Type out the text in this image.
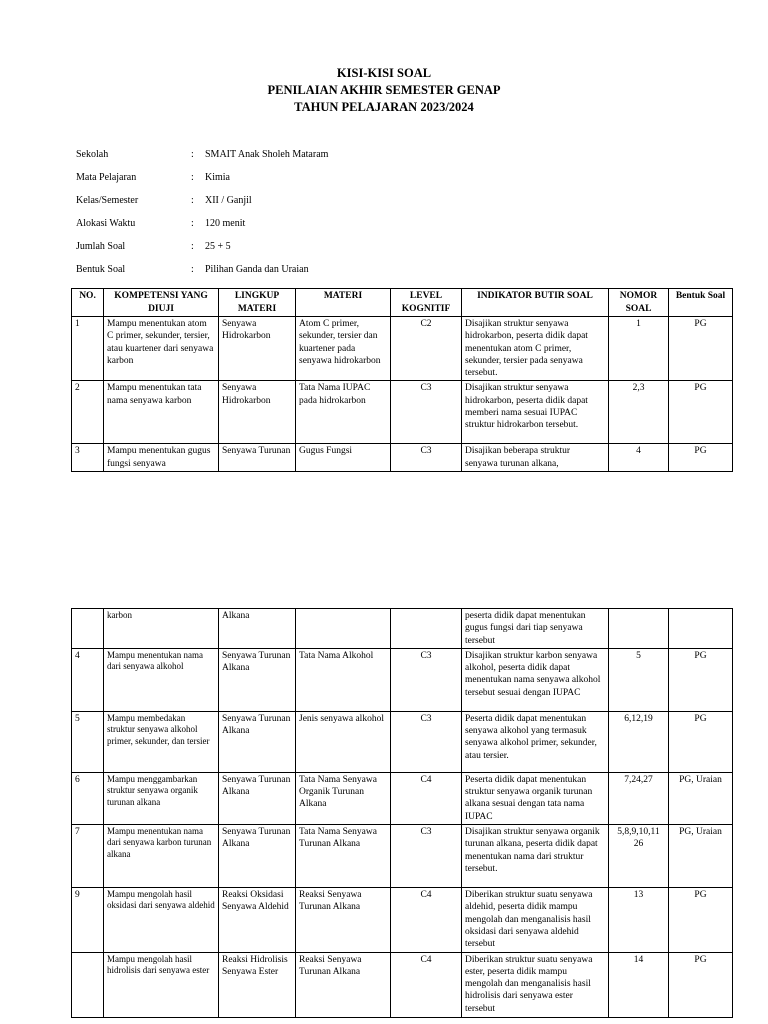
KISI-KISI SOAL
PENILAIAN AKHIR SEMESTER GENAP
TAHUN PELAJARAN 2023/2024
Sekolah	: SMAIT Anak Sholeh Mataram
Mata Pelajaran	: Kimia
Kelas/Semester	: XII / Ganjil
Alokasi Waktu	: 120 menit
Jumlah Soal	: 25 + 5
Bentuk Soal	: Pilihan Ganda dan Uraian
NO.	KOMPETENSI YANG DIUJI	LINGKUP MATERI	MATERI	LEVEL KOGNITIF	INDIKATOR BUTIR SOAL	NOMOR SOAL	Bentuk Soal
1	Mampu menentukan atom C primer, sekunder, tersier, atau kuartener dari senyawa karbon	Senyawa Hidrokarbon	Atom C primer, sekunder, tersier dan kuartener pada senyawa hidrokarbon	C2	Disajikan struktur senyawa hidrokarbon, peserta didik dapat menentukan atom C primer, sekunder, tersier pada senyawa tersebut.	1	PG
2	Mampu menentukan tata nama senyawa karbon	Senyawa Hidrokarbon	Tata Nama IUPAC pada hidrokarbon	C3	Disajikan struktur senyawa hidrokarbon, peserta didik dapat memberi nama sesuai IUPAC struktur hidrokarbon tersebut.	2,3	PG
3	Mampu menentukan gugus fungsi senyawa	Senyawa Turunan	Gugus Fungsi	C3	Disajikan beberapa struktur senyawa turunan alkana,	4	PG
	karbon	Alkana			peserta didik dapat menentukan gugus fungsi dari tiap senyawa tersebut		
4	Mampu menentukan nama dari senyawa alkohol	Senyawa Turunan Alkana	Tata Nama Alkohol	C3	Disajikan struktur karbon senyawa alkohol, peserta didik dapat menentukan nama senyawa alkohol tersebut sesuai dengan IUPAC	5	PG
5	Mampu membedakan struktur senyawa alkohol primer, sekunder, dan tersier	Senyawa Turunan Alkana	Jenis senyawa alkohol	C3	Peserta didik dapat menentukan senyawa alkohol yang termasuk senyawa alkohol primer, sekunder, atau tersier.	6,12,19	PG
6	Mampu menggambarkan struktur senyawa organik turunan alkana	Senyawa Turunan Alkana	Tata Nama Senyawa Organik Turunan Alkana	C4	Peserta didik dapat menentukan struktur senyawa organik turunan alkana sesuai dengan tata nama IUPAC	7,24,27	PG, Uraian
7	Mampu menentukan nama dari senyawa karbon turunan alkana	Senyawa Turunan Alkana	Tata Nama Senyawa Turunan Alkana	C3	Disajikan struktur senyawa organik turunan alkana, peserta didik dapat menentukan nama dari struktur tersebut.	5,8,9,10,11 26	PG, Uraian
9	Mampu mengolah hasil oksidasi dari senyawa aldehid	Reaksi Oksidasi Senyawa Aldehid	Reaksi Senyawa Turunan Alkana	C4	Diberikan struktur suatu senyawa aldehid, peserta didik mampu mengolah dan menganalisis hasil oksidasi dari senyawa aldehid tersebut	13	PG
	Mampu mengolah hasil hidrolisis dari senyawa ester	Reaksi Hidrolisis Senyawa Ester	Reaksi Senyawa Turunan Alkana	C4	Diberikan struktur suatu senyawa ester, peserta didik mampu mengolah dan menganalisis hasil hidrolisis dari senyawa ester tersebut	14	PG
